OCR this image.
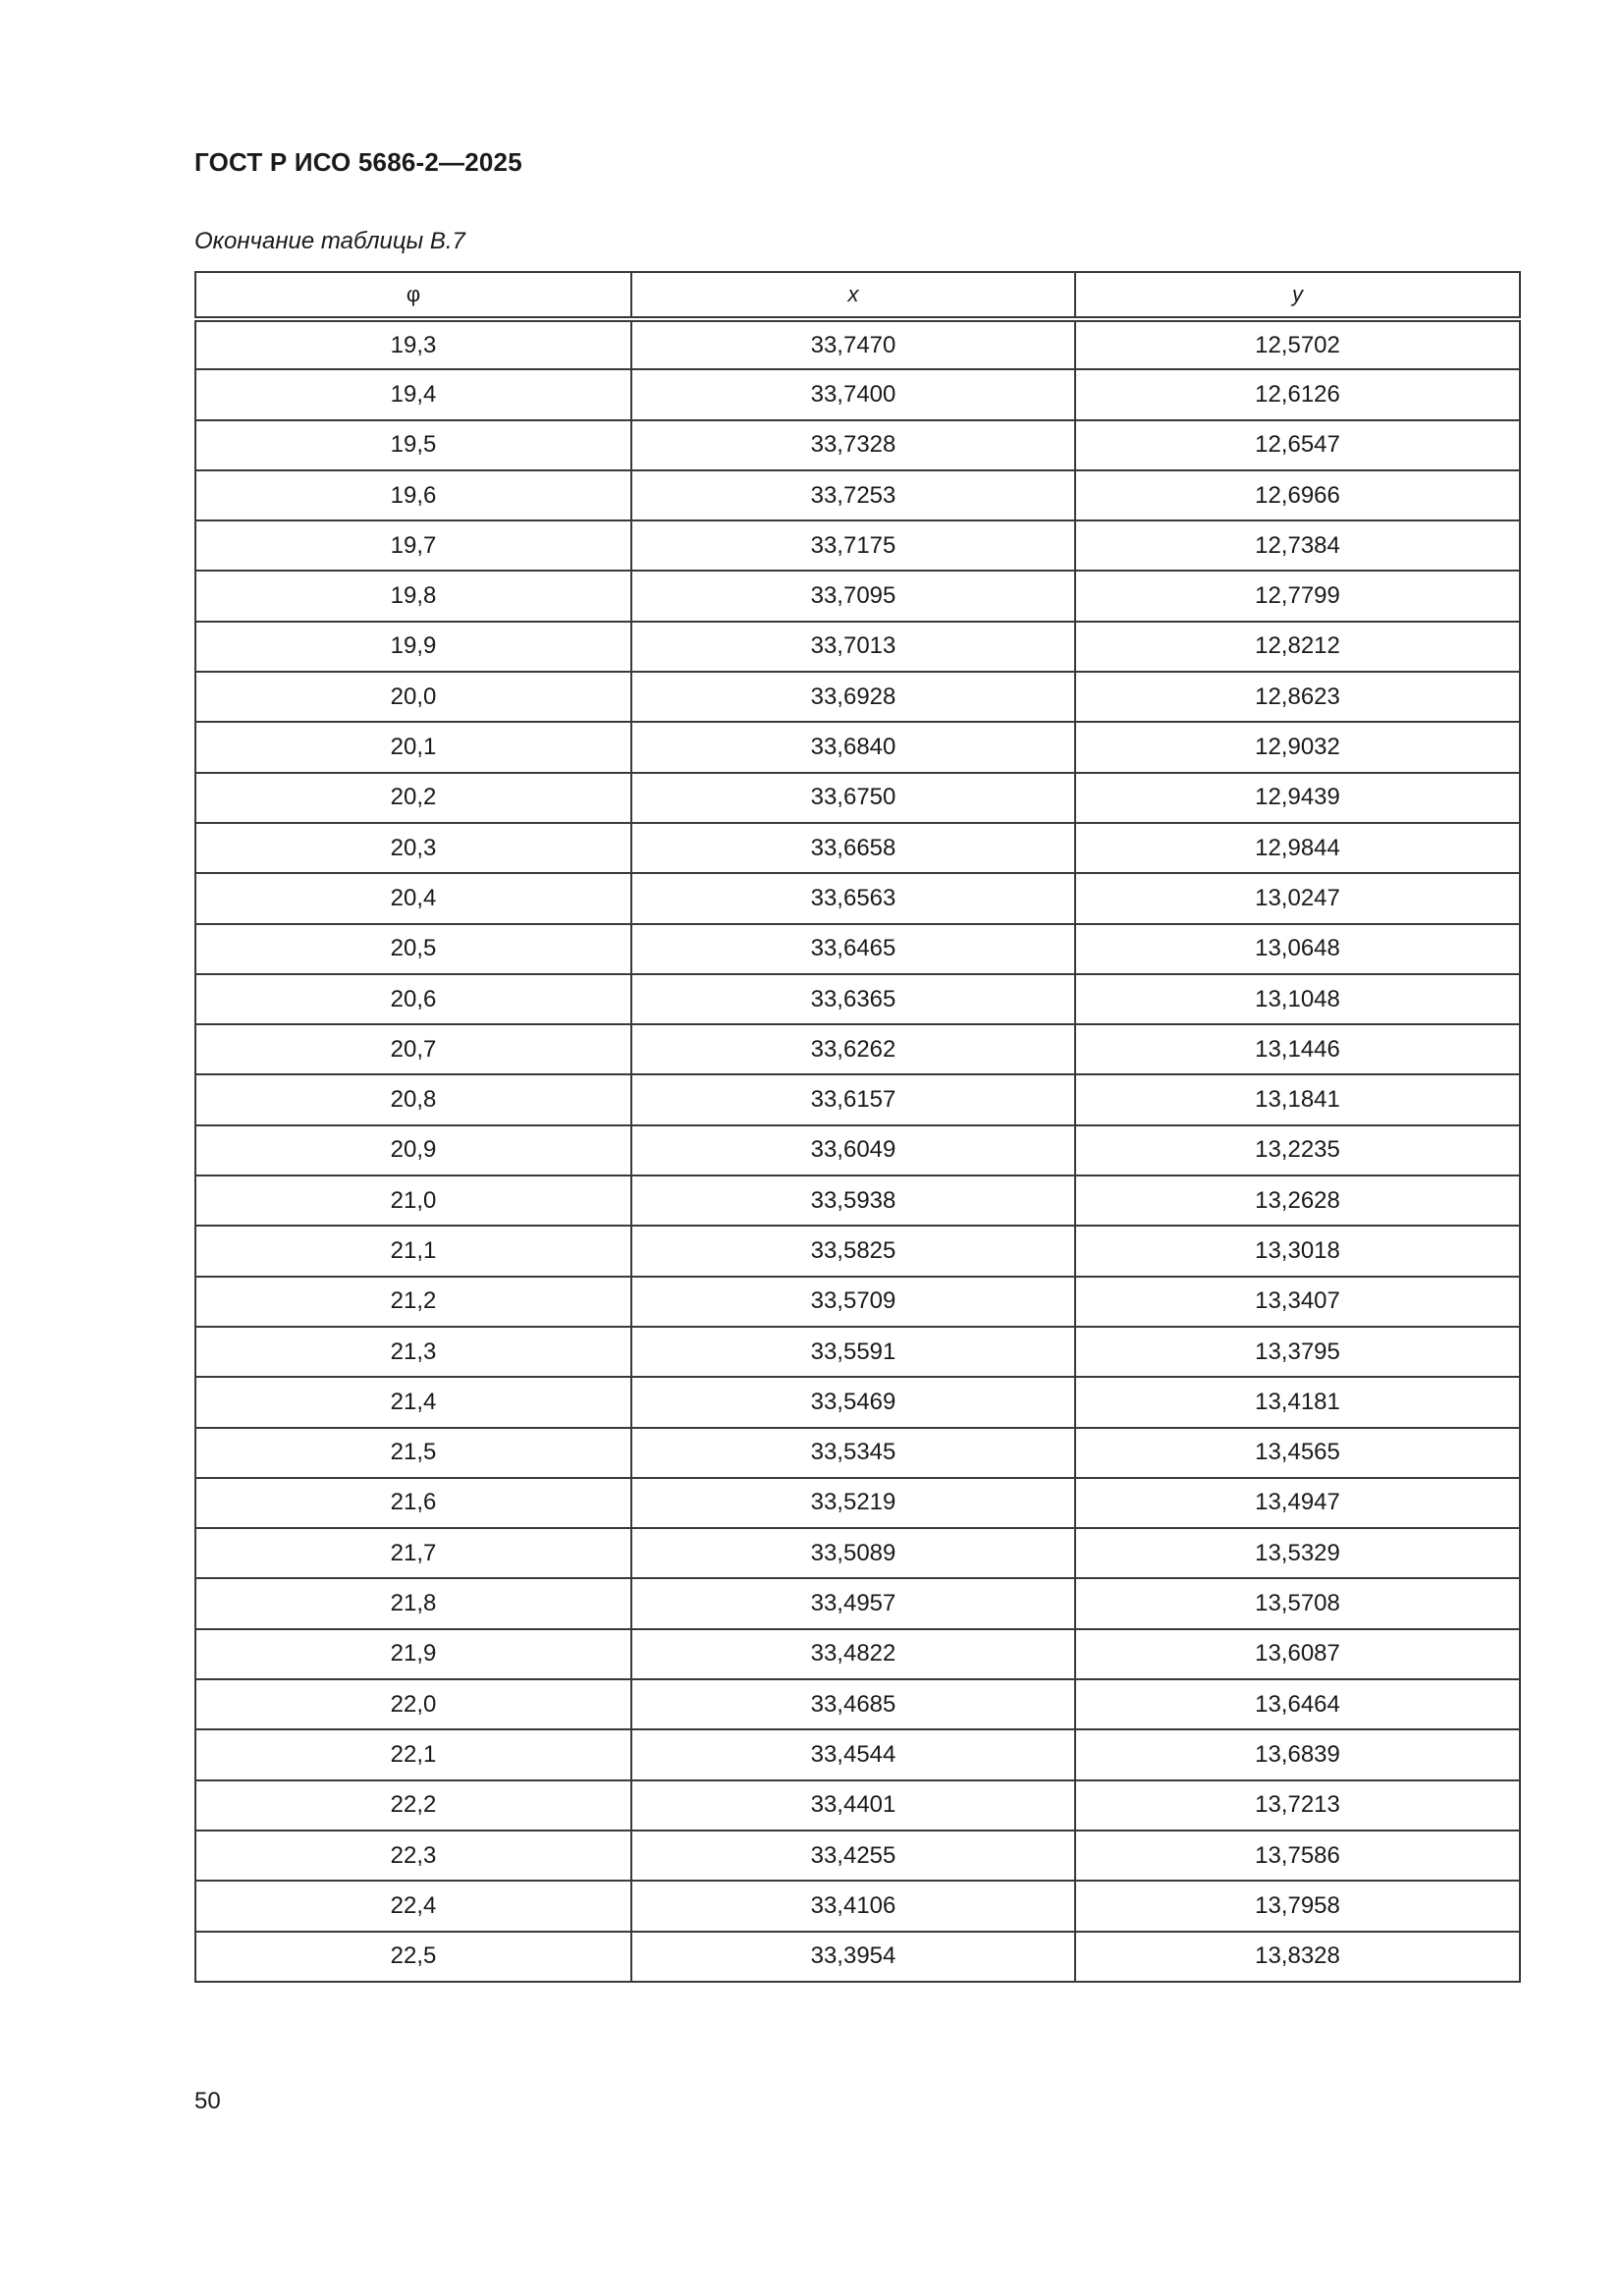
ГОСТ Р ИСО 5686-2—2025
Окончание таблицы В.7
φ	x	y
19,3	33,7470	12,5702
19,4	33,7400	12,6126
19,5	33,7328	12,6547
19,6	33,7253	12,6966
19,7	33,7175	12,7384
19,8	33,7095	12,7799
19,9	33,7013	12,8212
20,0	33,6928	12,8623
20,1	33,6840	12,9032
20,2	33,6750	12,9439
20,3	33,6658	12,9844
20,4	33,6563	13,0247
20,5	33,6465	13,0648
20,6	33,6365	13,1048
20,7	33,6262	13,1446
20,8	33,6157	13,1841
20,9	33,6049	13,2235
21,0	33,5938	13,2628
21,1	33,5825	13,3018
21,2	33,5709	13,3407
21,3	33,5591	13,3795
21,4	33,5469	13,4181
21,5	33,5345	13,4565
21,6	33,5219	13,4947
21,7	33,5089	13,5329
21,8	33,4957	13,5708
21,9	33,4822	13,6087
22,0	33,4685	13,6464
22,1	33,4544	13,6839
22,2	33,4401	13,7213
22,3	33,4255	13,7586
22,4	33,4106	13,7958
22,5	33,3954	13,8328
50
